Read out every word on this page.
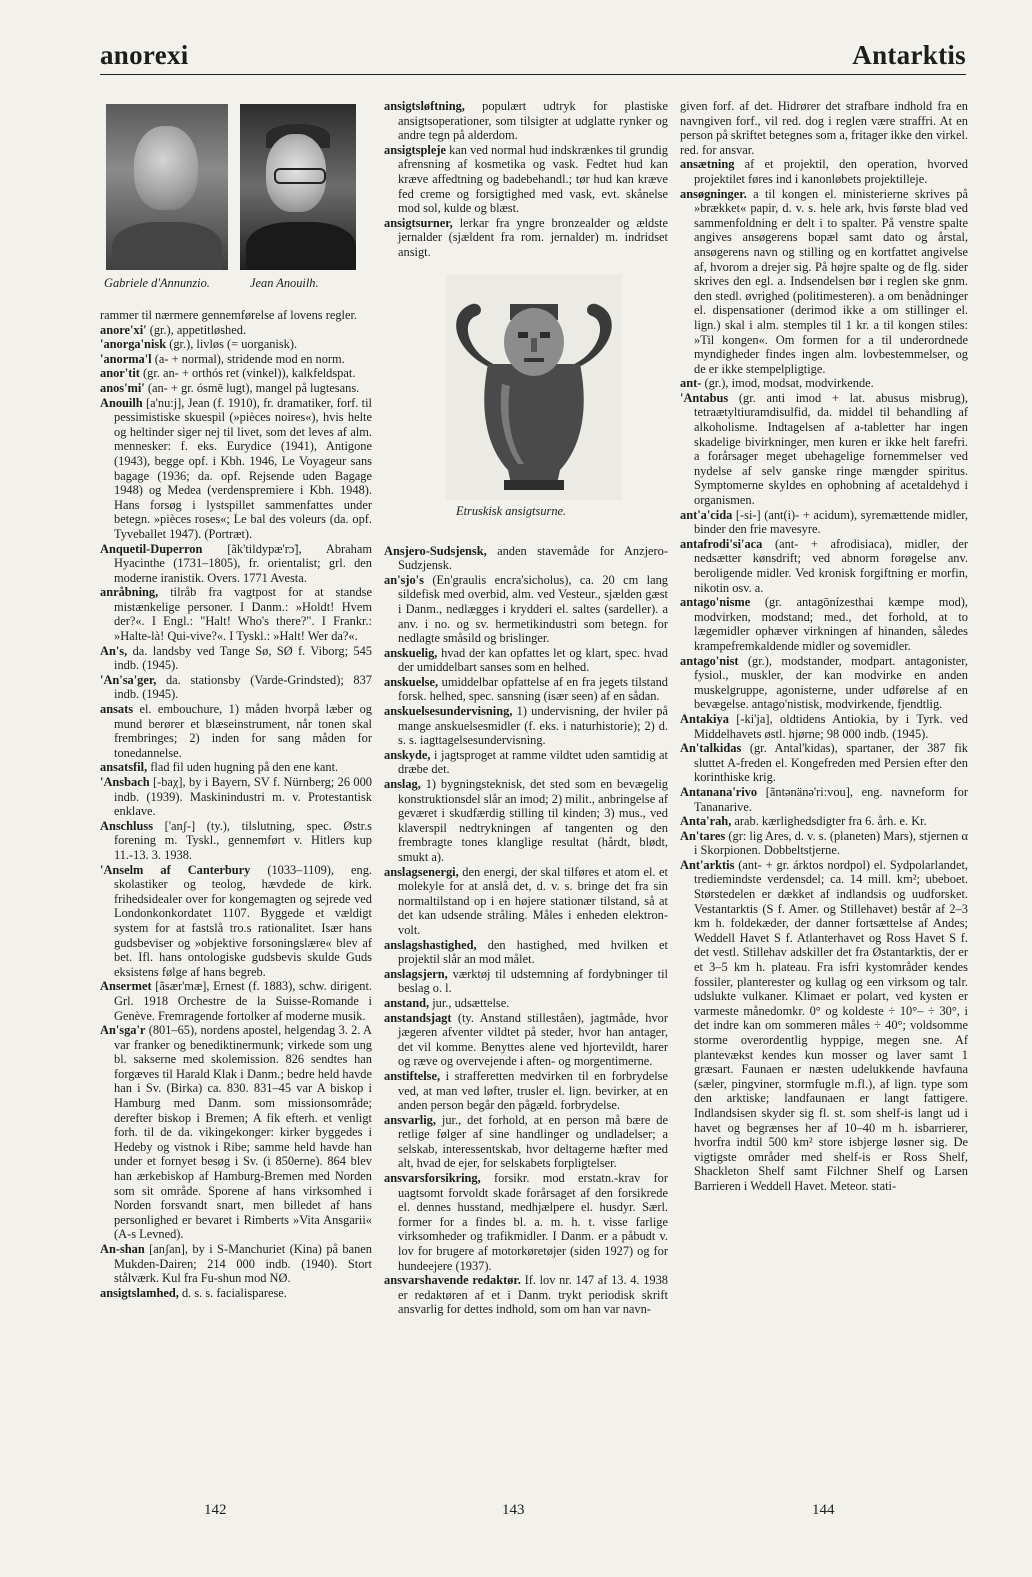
anorexi	Antarktis
Gabriele d'Annunzio.	Jean Anouilh.

rammer til nærmere gennemførelse af lovens regler.

anore'xi' (gr.), appetitløshed.

'anorga'nisk (gr.), livløs (= uorganisk).

'anorma'l (a- + normal), stridende mod en norm.

anor'tit (gr. an- + orthós ret (vinkel)), kalkfeldspat.

anos'mi' (an- + gr. ósmē lugt), mangel på lugtesans.

Anouilh [a'nu:j], Jean (f. 1910), fr. dramatiker, forf. til pessimistiske skuespil (»pièces noires«), hvis helte og heltinder siger nej til livet, som det leves af alm. mennesker: f. eks. Eurydice (1941), Antigone (1943), begge opf. i Kbh. 1946, Le Voyageur sans bagage (1936; da. opf. Rejsende uden Bagage 1948) og Medea (verdenspremiere i Kbh. 1948). Hans forsøg i lystspillet sammenfattes under betegn. »pièces roses«; Le bal des voleurs (da. opf. Tyveballet 1947). (Portræt).

Anquetil-Duperron [ãk'tildypæ'rɔ̃], Abraham Hyacinthe (1731–1805), fr. orientalist; grl. den moderne iranistik. Overs. 1771 Avesta.

anråbning, tilråb fra vagtpost for at standse mistænkelige personer. I Danm.: »Holdt! Hvem der?«. I Engl.: "Halt! Who's there?". I Frankr.: »Halte-là! Qui-vive?«. I Tyskl.: »Halt! Wer da?«.

An's, da. landsby ved Tange Sø, SØ f. Viborg; 545 indb. (1945).

'An'sa'ger, da. stationsby (Varde-Grindsted); 837 indb. (1945).

ansats el. embouchure, 1) måden hvorpå læber og mund berører et blæseinstrument, når tonen skal frembringes; 2) inden for sang måden for tonedannelse.

ansatsfil, flad fil uden hugning på den ene kant.

'Ansbach [-baχ], by i Bayern, SV f. Nürnberg; 26 000 indb. (1939). Maskinindustri m. v. Protestantisk enklave.

Anschluss ['anʃ-] (ty.), tilslutning, spec. Østr.s forening m. Tyskl., gennemført v. Hitlers kup 11.-13. 3. 1938.

'Anselm af Canterbury (1033–1109), eng. skolastiker og teolog, hævdede de kirk. frihedsidealer over for kongemagten og sejrede ved Londonkonkordatet 1107. Byggede et vældigt system for at fastslå tro.s rationalitet. Især hans gudsbeviser og »objektive forsoningslære« blev af bet. Ifl. hans ontologiske gudsbevis skulde Guds eksistens følge af hans begreb.

Ansermet [ãsær'mæ], Ernest (f. 1883), schw. dirigent. Grl. 1918 Orchestre de la Suisse-Romande i Genève. Fremragende fortolker af moderne musik.

An'sga'r (801–65), nordens apostel, helgendag 3. 2. A var franker og benediktinermunk; virkede som ung bl. sakserne med skolemission. 826 sendtes han forgæves til Harald Klak i Danm.; bedre held havde han i Sv. (Birka) ca. 830. 831–45 var A biskop i Hamburg med Danm. som missionsområde; derefter biskop i Bremen; A fik efterh. et venligt forh. til de da. vikingekonger: kirker byggedes i Hedeby og vistnok i Ribe; samme held havde han under et fornyet besøg i Sv. (i 850erne). 864 blev han ærkebiskop af Hamburg-Bremen med Norden som sit område. Sporene af hans virksomhed i Norden forsvandt snart, men billedet af hans personlighed er bevaret i Rimberts »Vita Ansgarii« (A-s Levned).

An-shan [anʃan], by i S-Manchuriet (Kina) på banen Mukden-Dairen; 214 000 indb. (1940). Stort stålværk. Kul fra Fu-shun mod NØ.

ansigtslamhed, d. s. s. facialisparese.

ansigtsløftning, populært udtryk for plastiske ansigtsoperationer, som tilsigter at udglatte rynker og andre tegn på alderdom.

ansigtspleje kan ved normal hud indskrænkes til grundig afrensning af kosmetika og vask. Fedtet hud kan kræve affedtning og badebehandl.; tør hud kan kræve fed creme og forsigtighed med vask, evt. skånelse mod sol, kulde og blæst.

ansigtsurner, lerkar fra yngre bronzealder og ældste jernalder (sjældent fra rom. jernalder) m. indridset ansigt.

Etruskisk ansigtsurne.

Ansjero-Sudsjensk, anden stavemåde for Anzjero-Sudzjensk.

an'sjo's (En'graulis encra'sicholus), ca. 20 cm lang sildefisk med overbid, alm. ved Vesteur., sjælden gæst i Danm., nedlægges i krydderi el. saltes (sardeller). a anv. i no. og sv. hermetikindustri som betegn. for nedlagte småsild og brislinger.

anskuelig, hvad der kan opfattes let og klart, spec. hvad der umiddelbart sanses som en helhed.

anskuelse, umiddelbar opfattelse af en fra jegets tilstand forsk. helhed, spec. sansning (især seen) af en sådan.

anskuelsesundervisning, 1) undervisning, der hviler på mange anskuelsesmidler (f. eks. i naturhistorie); 2) d. s. s. iagttagelsesundervisning.

anskyde, i jagtsproget at ramme vildtet uden samtidig at dræbe det.

anslag, 1) bygningsteknisk, det sted som en bevægelig konstruktionsdel slår an imod; 2) milit., anbringelse af geværet i skudfærdig stilling til kinden; 3) mus., ved klaverspil nedtrykningen af tangenten og den frembragte tones klanglige resultat (hårdt, blødt, smukt a).

anslagsenergi, den energi, der skal tilføres et atom el. et molekyle for at anslå det, d. v. s. bringe det fra sin normaltilstand op i en højere stationær tilstand, så at det kan udsende stråling. Måles i enheden elektron-volt.

anslagshastighed, den hastighed, med hvilken et projektil slår an mod målet.

anslagsjern, værktøj til udstemning af fordybninger til beslag o. l.

anstand, jur., udsættelse.

anstandsjagt (ty. Anstand stilleståen), jagtmåde, hvor jægeren afventer vildtet på steder, hvor han antager, det vil komme. Benyttes alene ved hjortevildt, harer og ræve og overvejende i aften- og morgentimerne.

anstiftelse, i strafferetten medvirken til en forbrydelse ved, at man ved løfter, trusler el. lign. bevirker, at en anden person begår den pågæld. forbrydelse.

ansvarlig, jur., det forhold, at en person må bære de retlige følger af sine handlinger og undladelser; a selskab, interessentskab, hvor deltagerne hæfter med alt, hvad de ejer, for selskabets forpligtelser.

ansvarsforsikring, forsikr. mod erstatn.-krav for uagtsomt forvoldt skade forårsaget af den forsikrede el. dennes husstand, medhjælpere el. husdyr. Særl. former for a findes bl. a. m. h. t. visse farlige virksomheder og trafikmidler. I Danm. er a påbudt v. lov for brugere af motorkøretøjer (siden 1927) og for hundeejere (1937).

ansvarshavende redaktør. If. lov nr. 147 af 13. 4. 1938 er redaktøren af et i Danm. trykt periodisk skrift ansvarlig for dettes indhold, som om han var navn-

given forf. af det. Hidrører det strafbare indhold fra en navngiven forf., vil red. dog i reglen være straffri. At en person på skriftet betegnes som a, fritager ikke den virkel. red. for ansvar.

ansætning af et projektil, den operation, hvorved projektilet føres ind i kanonløbets projektilleje.

ansøgninger. a til kongen el. ministerierne skrives på »brækket« papir, d. v. s. hele ark, hvis første blad ved sammenfoldning er delt i to spalter. På venstre spalte angives ansøgerens bopæl samt dato og årstal, ansøgerens navn og stilling og en kortfattet angivelse af, hvorom a drejer sig. På højre spalte og de flg. sider skrives den egl. a. Indsendelsen bør i reglen ske gnm. den stedl. øvrighed (politimesteren). a om benådninger el. dispensationer (derimod ikke a om stillinger el. lign.) skal i alm. stemples til 1 kr. a til kongen stiles: »Til kongen«. Om formen for a til underordnede myndigheder findes ingen alm. lovbestemmelser, og de er ikke stempelpligtige.

ant- (gr.), imod, modsat, modvirkende.

'Antabus (gr. anti imod + lat. abusus misbrug), tetraætyltiuramdisulfid, da. middel til behandling af alkoholisme. Indtagelsen af a-tabletter har ingen skadelige bivirkninger, men kuren er ikke helt farefri. a forårsager meget ubehagelige fornemmelser ved nydelse af selv ganske ringe mængder spiritus. Symptomerne skyldes en ophobning af acetaldehyd i organismen.

ant'a'cida [-si-] (ant(i)- + acidum), syremættende midler, binder den frie mavesyre.

antafrodi'si'aca (ant- + afrodisiaca), midler, der nedsætter kønsdrift; ved abnorm forøgelse anv. beroligende midler. Ved kronisk forgiftning er morfin, nikotin osv. a.

antago'nisme (gr. antagōnízesthai kæmpe mod), modvirken, modstand; med., det forhold, at to lægemidler ophæver virkningen af hinanden, således krampefremkaldende midler og sovemidler.

antago'nist (gr.), modstander, modpart. antagonister, fysiol., muskler, der kan modvirke en anden muskelgruppe, agonisterne, under udførelse af en bevægelse. antago'nistisk, modvirkende, fjendtlig.

Antakiya [-ki'ja], oldtidens Antiokia, by i Tyrk. ved Middelhavets østl. hjørne; 98 000 indb. (1945).

An'talkidas (gr. Antal'kidas), spartaner, der 387 fik sluttet A-freden el. Kongefreden med Persien efter den korinthiske krig.

Antanana'rivo [ãntənänə'ri:vou], eng. navneform for Tananarive.

Anta'rah, arab. kærlighedsdigter fra 6. årh. e. Kr.

An'tares (gr: lig Ares, d. v. s. (planeten) Mars), stjernen α i Skorpionen. Dobbeltstjerne.

Ant'arktis (ant- + gr. árktos nordpol) el. Sydpolarlandet, trediemindste verdensdel; ca. 14 mill. km²; ubeboet. Størstedelen er dækket af indlandsis og uudforsket. Vestantarktis (S f. Amer. og Stillehavet) består af 2–3 km h. foldekæder, der danner fortsættelse af Andes; Weddell Havet S f. Atlanterhavet og Ross Havet S f. det vestl. Stillehav adskiller det fra Østantarktis, der er et 3–5 km h. plateau. Fra isfri kystområder kendes fossiler, planterester og kullag og een virksom og talr. udslukte vulkaner. Klimaet er polart, ved kysten er varmeste månedomkr. 0° og koldeste ÷ 10°– ÷ 30°, i det indre kan om sommeren måles ÷ 40°; voldsomme storme overordentlig hyppige, megen sne. Af plantevækst kendes kun mosser og laver samt 1 græsart. Faunaen er næsten udelukkende havfauna (sæler, pingviner, stormfugle m.fl.), af lign. type som den arktiske; landfaunaen er langt fattigere. Indlandsisen skyder sig fl. st. som shelf-is langt ud i havet og begrænses her af 10–40 m h. isbarrierer, hvorfra indtil 500 km² store isbjerge løsner sig. De vigtigste områder med shelf-is er Ross Shelf, Shackleton Shelf samt Filchner Shelf og Larsen Barrieren i Weddell Havet. Meteor. stati-

142	143	144
